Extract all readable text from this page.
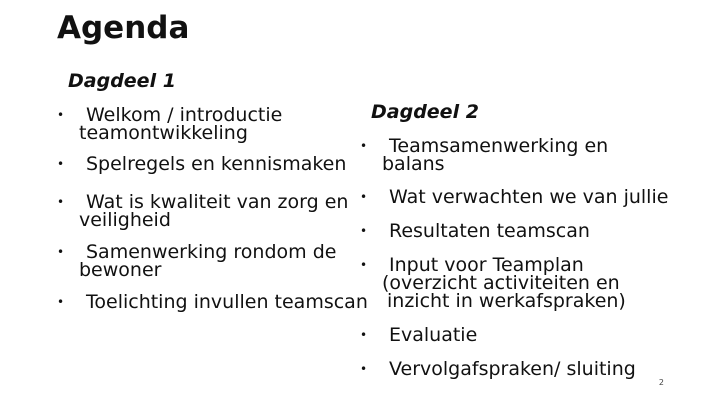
Agenda
Dagdeel 1
Dagdeel 2
• Welkom / introductie
teamontwikkeling
• Spelregels en kennismaken
• Wat is kwaliteit van zorg en
veiligheid
• Samenwerking rondom de
bewoner
• Toelichting invullen teamscan
• Teamsamenwerking en
balans
• Wat verwachten we van jullie
• Resultaten teamscan
• Input voor Teamplan
(overzicht activiteiten en
inzicht in werkafspraken)
• Evaluatie
• Vervolgafspraken/ sluiting
2
